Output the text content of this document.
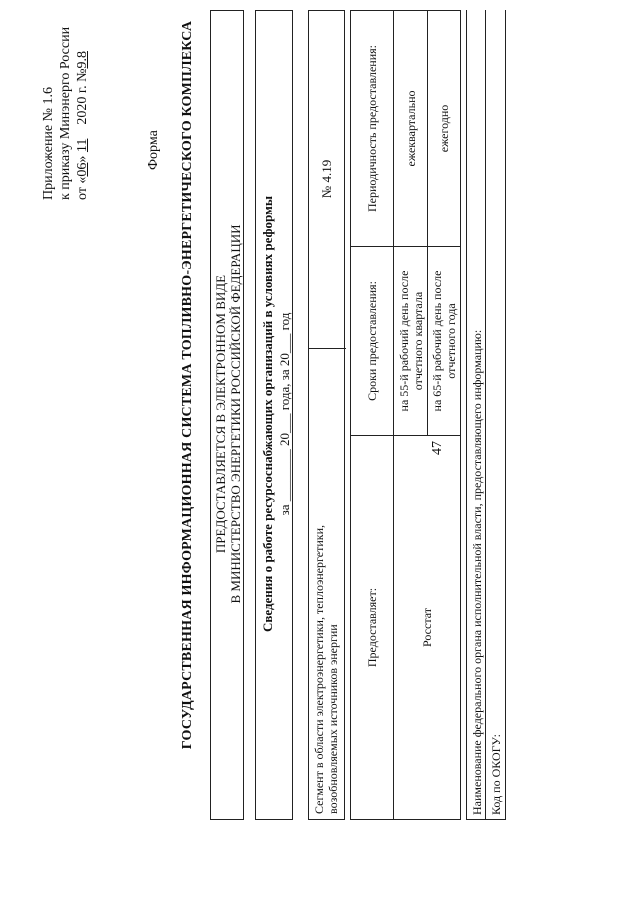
47
Приложение № 1.6 к приказу Минэнерго России от «06» 11    2020 г. №9.8
Форма ГОСУДАРСТВЕННАЯ ИНФОРМАЦИОННАЯ СИСТЕМА ТОПЛИВНО-ЭНЕРГЕТИЧЕСКОГО КОМПЛЕКСА ПРЕДОСТАВЛЯЕТСЯ В ЭЛЕКТРОННОМ ВИДЕ В МИНИСТЕРСТВО ЭНЕРГЕТИКИ РОССИЙСКОЙ ФЕДЕРАЦИИ Сведения о работе ресурсоснабжающих организаций в условиях реформы за ________ 20___ года, за 20___ год
Сегмент в области электроэнергетики, теплоэнергетики, возобновляемых источников энергии
№ 4.19
Предоставляет:
Сроки предоставления:
Периодичность предоставления:
Росстат
на 55-й рабочий день после отчетного квартала
ежеквартально
на 65-й рабочий день после отчетного года
ежегодно
Наименование федерального органа исполнительной власти, предоставляющего информацию: Код по ОКОГУ:
